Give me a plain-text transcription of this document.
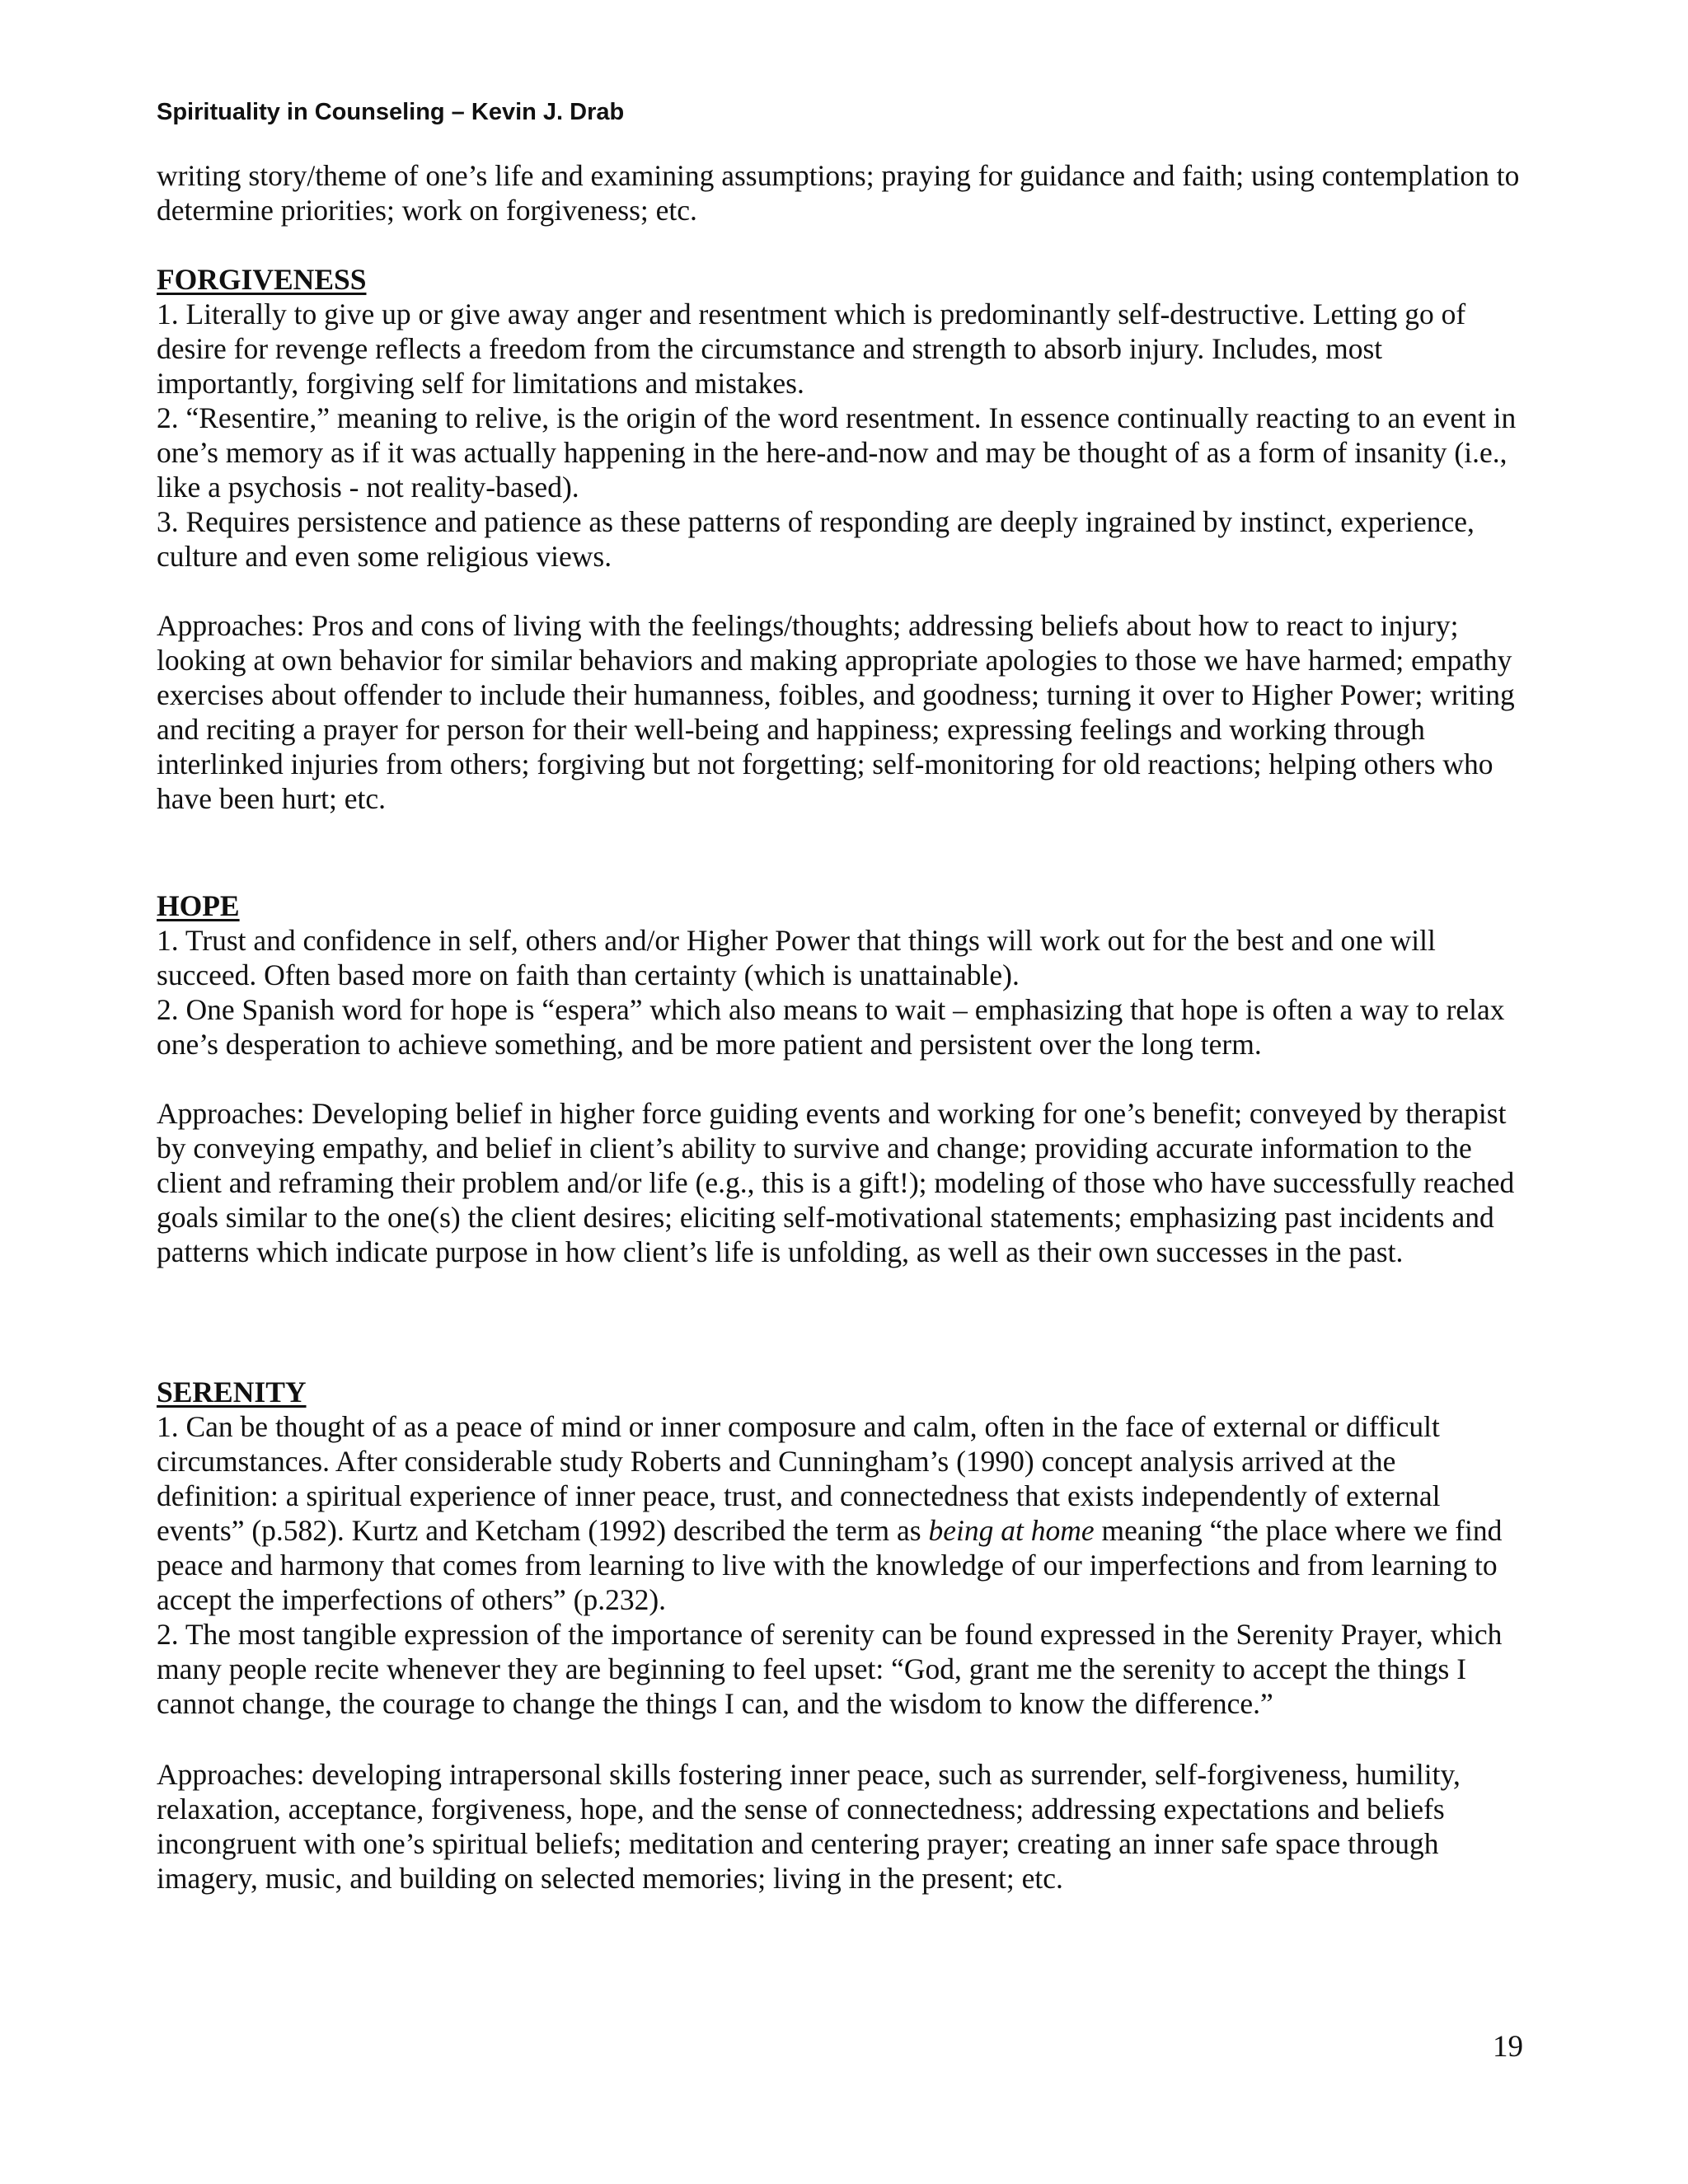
Spirituality in Counseling – Kevin J. Drab

writing story/theme of one’s life and examining assumptions; praying for guidance and faith; using contemplation to determine priorities; work on forgiveness; etc.

FORGIVENESS

1. Literally to give up or give away anger and resentment which is predominantly self-destructive. Letting go of desire for revenge reflects a freedom from the circumstance and strength to absorb injury. Includes, most importantly, forgiving self for limitations and mistakes.

2. “Resentire,” meaning to relive, is the origin of the word resentment. In essence continually reacting to an event in one’s memory as if it was actually happening in the here-and-now and may be thought of as a form of insanity (i.e., like a psychosis - not reality-based).

3. Requires persistence and patience as these patterns of responding are deeply ingrained by instinct, experience, culture and even some religious views.

Approaches: Pros and cons of living with the feelings/thoughts; addressing beliefs about how to react to injury; looking at own behavior for similar behaviors and making appropriate apologies to those we have harmed; empathy exercises about offender to include their humanness, foibles, and goodness; turning it over to Higher Power; writing and reciting a prayer for person for their well-being and happiness; expressing feelings and working through interlinked injuries from others; forgiving but not forgetting; self-monitoring for old reactions; helping others who have been hurt; etc.

HOPE

1. Trust and confidence in self, others and/or Higher Power that things will work out for the best and one will succeed. Often based more on faith than certainty (which is unattainable).

2. One Spanish word for hope is “espera” which also means to wait – emphasizing that hope is often a way to relax one’s desperation to achieve something, and be more patient and persistent over the long term.

Approaches: Developing belief in higher force guiding events and working for one’s benefit; conveyed by therapist by conveying empathy, and belief in client’s ability to survive and change; providing accurate information to the client and reframing their problem and/or life (e.g., this is a gift!); modeling of those who have successfully reached goals similar to the one(s) the client desires; eliciting self-motivational statements; emphasizing past incidents and patterns which indicate purpose in how client’s life is unfolding, as well as their own successes in the past.

SERENITY

1. Can be thought of as a peace of mind or inner composure and calm, often in the face of external or difficult circumstances. After considerable study Roberts and Cunningham’s (1990) concept analysis arrived at the definition: a spiritual experience of inner peace, trust, and connectedness that exists independently of external events” (p.582). Kurtz and Ketcham (1992) described the term as being at home meaning “the place where we find peace and harmony that comes from learning to live with the knowledge of our imperfections and from learning to accept the imperfections of others” (p.232).

2. The most tangible expression of the importance of serenity can be found expressed in the Serenity Prayer, which many people recite whenever they are beginning to feel upset: “God, grant me the serenity to accept the things I cannot change, the courage to change the things I can, and the wisdom to know the difference.”

Approaches: developing intrapersonal skills fostering inner peace, such as surrender, self-forgiveness, humility, relaxation, acceptance, forgiveness, hope, and the sense of connectedness; addressing expectations and beliefs incongruent with one’s spiritual beliefs; meditation and centering prayer; creating an inner safe space through imagery, music, and building on selected memories; living in the present; etc.

19
